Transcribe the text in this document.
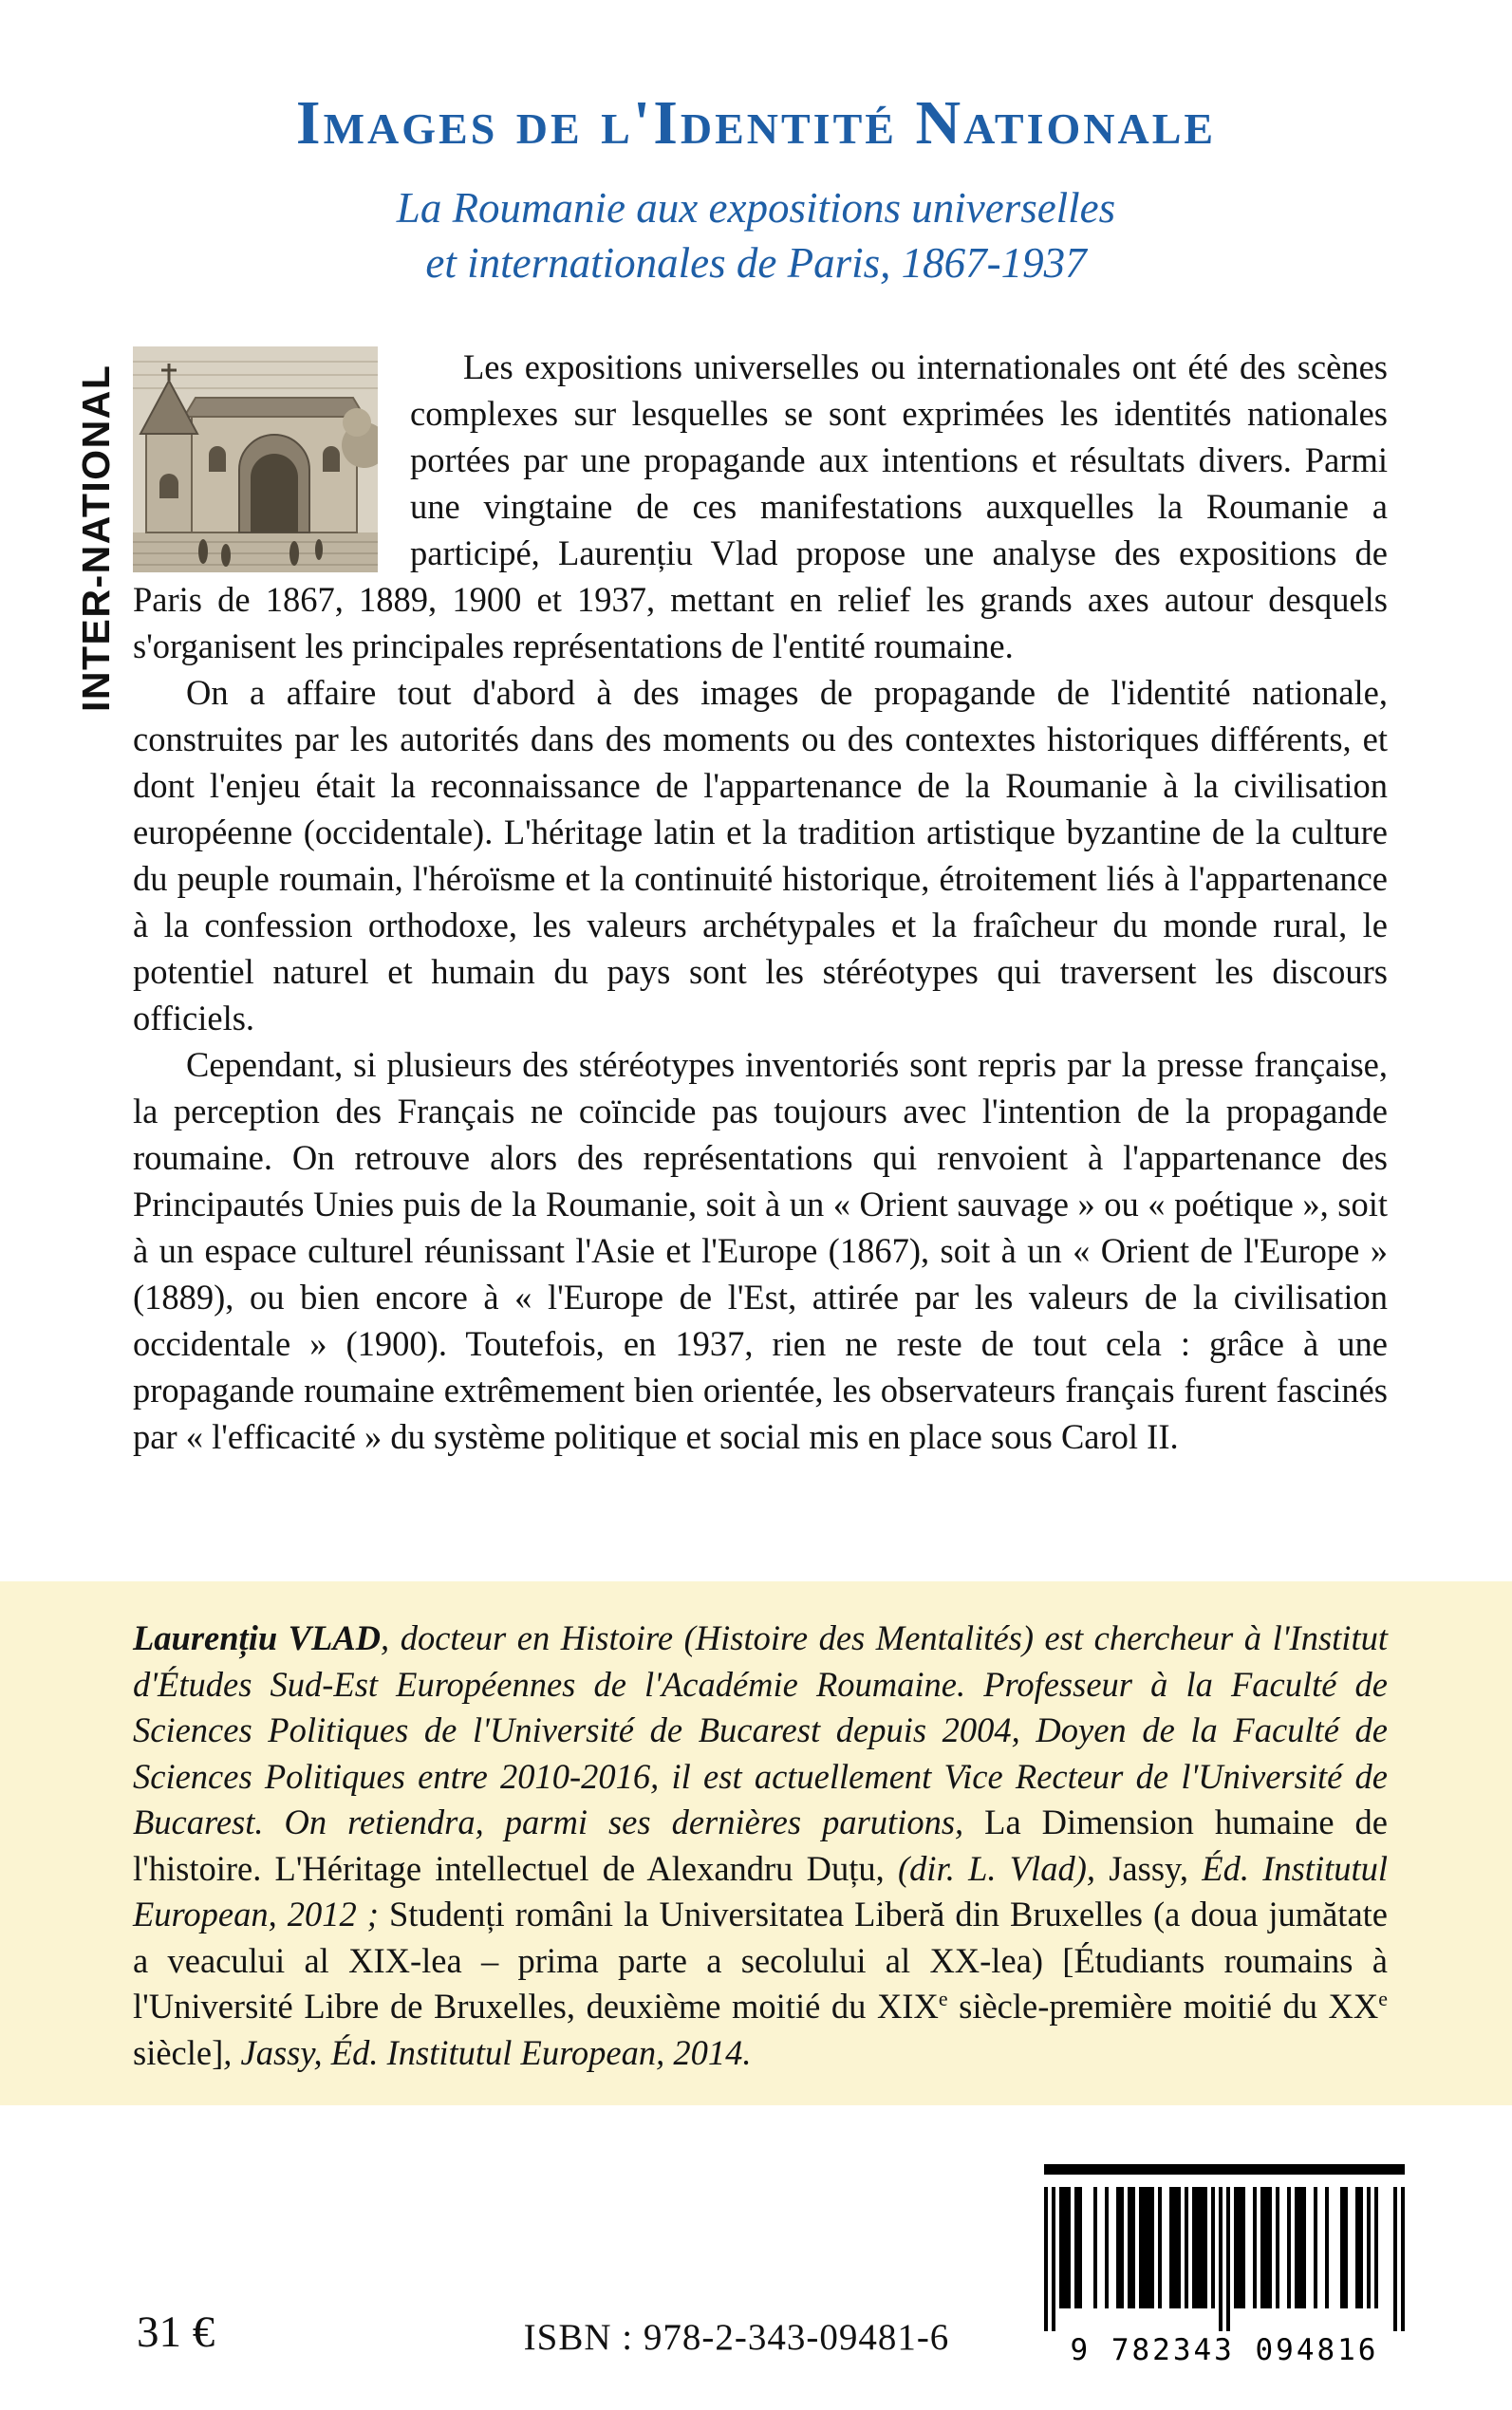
Images de l'Identité Nationale
La Roumanie aux expositions universelles
et internationales de Paris, 1867-1937
INTER-NATIONAL	Les expositions universelles ou internationales ont été des scènes complexes sur lesquelles se sont exprimées les identités nationales portées par une propagande aux intentions et résultats divers. Parmi une vingtaine de ces manifestations auxquelles la Roumanie a participé, Laurențiu Vlad propose une analyse des expositions de Paris de 1867, 1889, 1900 et 1937, mettant en relief les grands axes autour desquels s'organisent les principales représentations de l'entité roumaine.

On a affaire tout d'abord à des images de propagande de l'identité nationale, construites par les autorités dans des moments ou des contextes historiques différents, et dont l'enjeu était la reconnaissance de l'appartenance de la Roumanie à la civilisation européenne (occidentale). L'héritage latin et la tradition artistique byzantine de la culture du peuple roumain, l'héroïsme et la continuité historique, étroitement liés à l'appartenance à la confession orthodoxe, les valeurs archétypales et la fraîcheur du monde rural, le potentiel naturel et humain du pays sont les stéréotypes qui traversent les discours officiels.

Cependant, si plusieurs des stéréotypes inventoriés sont repris par la presse française, la perception des Français ne coïncide pas toujours avec l'intention de la propagande roumaine. On retrouve alors des représentations qui renvoient à l'appartenance des Principautés Unies puis de la Roumanie, soit à un « Orient sauvage » ou « poétique », soit à un espace culturel réunissant l'Asie et l'Europe (1867), soit à un « Orient de l'Europe » (1889), ou bien encore à « l'Europe de l'Est, attirée par les valeurs de la civilisation occidentale » (1900). Toutefois, en 1937, rien ne reste de tout cela : grâce à une propagande roumaine extrêmement bien orientée, les observateurs français furent fascinés par « l'efficacité » du système politique et social mis en place sous Carol II.

Laurențiu VLAD, docteur en Histoire (Histoire des Mentalités) est chercheur à l'Institut d'Études Sud-Est Européennes de l'Académie Roumaine. Professeur à la Faculté de Sciences Politiques de l'Université de Bucarest depuis 2004, Doyen de la Faculté de Sciences Politiques entre 2010-2016, il est actuellement Vice Recteur de l'Université de Bucarest. On retiendra, parmi ses dernières parutions, La Dimension humaine de l'histoire. L'Héritage intellectuel de Alexandru Duțu, (dir. L. Vlad), Jassy, Éd. Institutul European, 2012 ; Studenți români la Universitatea Liberă din Bruxelles (a doua jumătate a veacului al XIX-lea – prima parte a secolului al XX-lea) [Étudiants roumains à l'Université Libre de Bruxelles, deuxième moitié du XIXe siècle-première moitié du XXe siècle], Jassy, Éd. Institutul European, 2014.

31 €	ISBN : 978-2-343-09481-6	9 782343 094816
